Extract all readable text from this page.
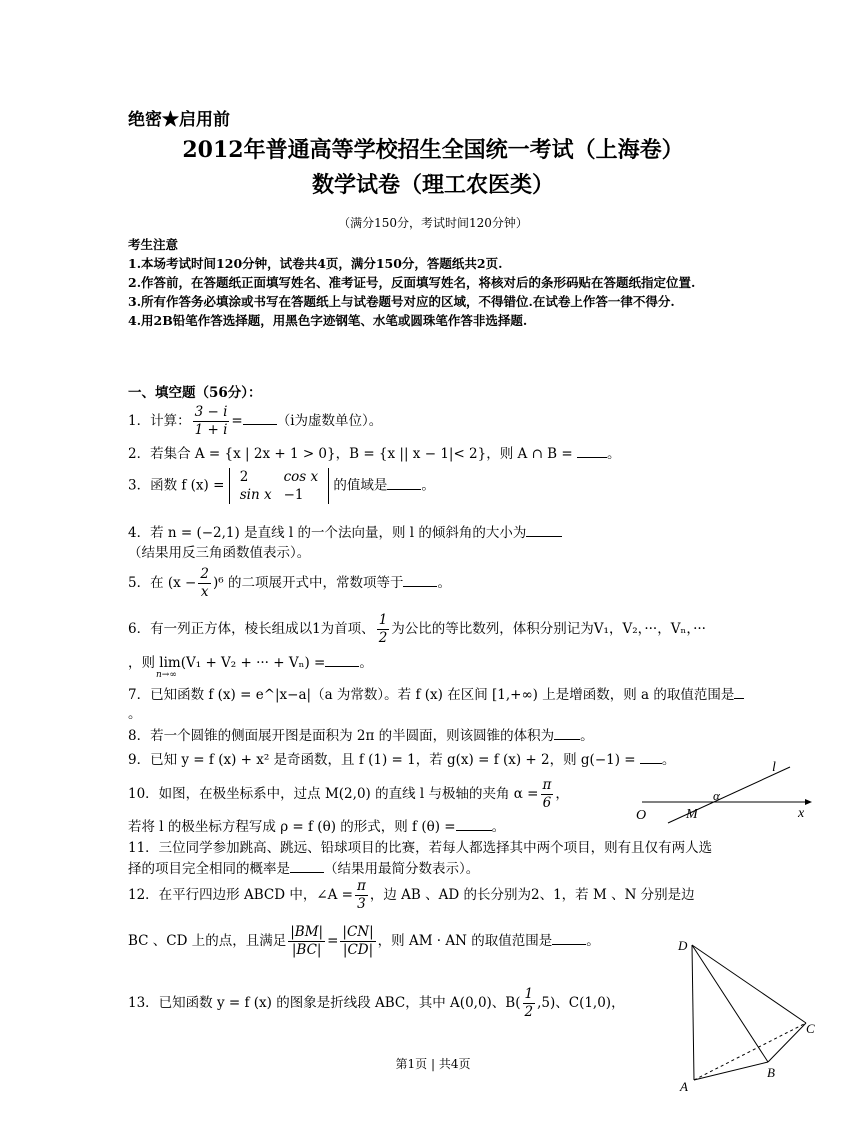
绝密★启用前
2012年普通高等学校招生全国统一考试（上海卷）
数学试卷（理工农医类）
（满分150分，考试时间120分钟）
考生注意
1.本场考试时间120分钟，试卷共4页，满分150分，答题纸共2页.
2.作答前，在答题纸正面填写姓名、准考证号，反面填写姓名，将核对后的条形码贴在答题纸指定位置.
3.所有作答务必填涂或书写在答题纸上与试卷题号对应的区域，不得错位.在试卷上作答一律不得分.
4.用2B铅笔作答选择题，用黑色字迹钢笔、水笔或圆珠笔作答非选择题.
一、填空题（56分）：
1．计算： $\frac{3 - i}{1 + i}$ =	（i为虚数单位）。
2．若集合 A = {x | 2x + 1 > 0}，B = {x || x − 1|< 2}，则 A ∩ B = 。
3．函数 f (x) =
2	cos x
sin x	−1
的值域是	。
4．若 n = (−2,1) 是直线 l 的一个法向量，则 l 的倾斜角的大小为
（结果用反三角函数值表示）。
5．在 $(x - \frac{2}{x} )^6$ 的二项展开式中，常数项等于	。
6．有一列正方体，棱长组成以1为首项、 $\frac{1}{2}$ 为公比的等比数列，体积分别记为V₁，V₂，···，Vₙ，···
，则 lim(V₁ + V₂ + ··· + Vₙ) =	。
n→∞
7．已知函数 f (x) = e^|x−a|（a 为常数）。若 f (x) 在区间 [1,+∞) 上是增函数，则 a 的取值范围是
。
8．若一个圆锥的侧面展开图是面积为 2π 的半圆面，则该圆锥的体积为 。
9．已知 y = f (x) + x² 是奇函数，且 f (1) = 1，若 g(x) = f (x) + 2，则 g(−1) = 。
10．如图，在极坐标系中，过点 M(2,0) 的直线 l 与极轴的夹角 $\alpha = \frac{\pi}{6}$ ，
若将 l 的极坐标方程写成 ρ = f (θ) 的形式，则 f (θ) =	。
l
α
O	M	x
11．三位同学参加跳高、跳远、铅球项目的比赛，若每人都选择其中两个项目，则有且仅有两人选
择的项目完全相同的概率是	（结果用最简分数表示）。
12．在平行四边形 ABCD 中，∠A = $\frac{\pi}{3}$ ，边 AB 、AD 的长分别为2、1，若 M 、N 分别是边
BC 、CD 上的点，且满足 $\frac{|BM|}{|BC|} = \frac{|CN|}{|CD|}$ ，则 AM · AN 的取值范围是	。
13．已知函数 y = f (x) 的图象是折线段 ABC，其中 A(0,0)、$B( \frac{1}{2} ,5)$、C(1,0)，
D
C
B
A
第1页 | 共4页
